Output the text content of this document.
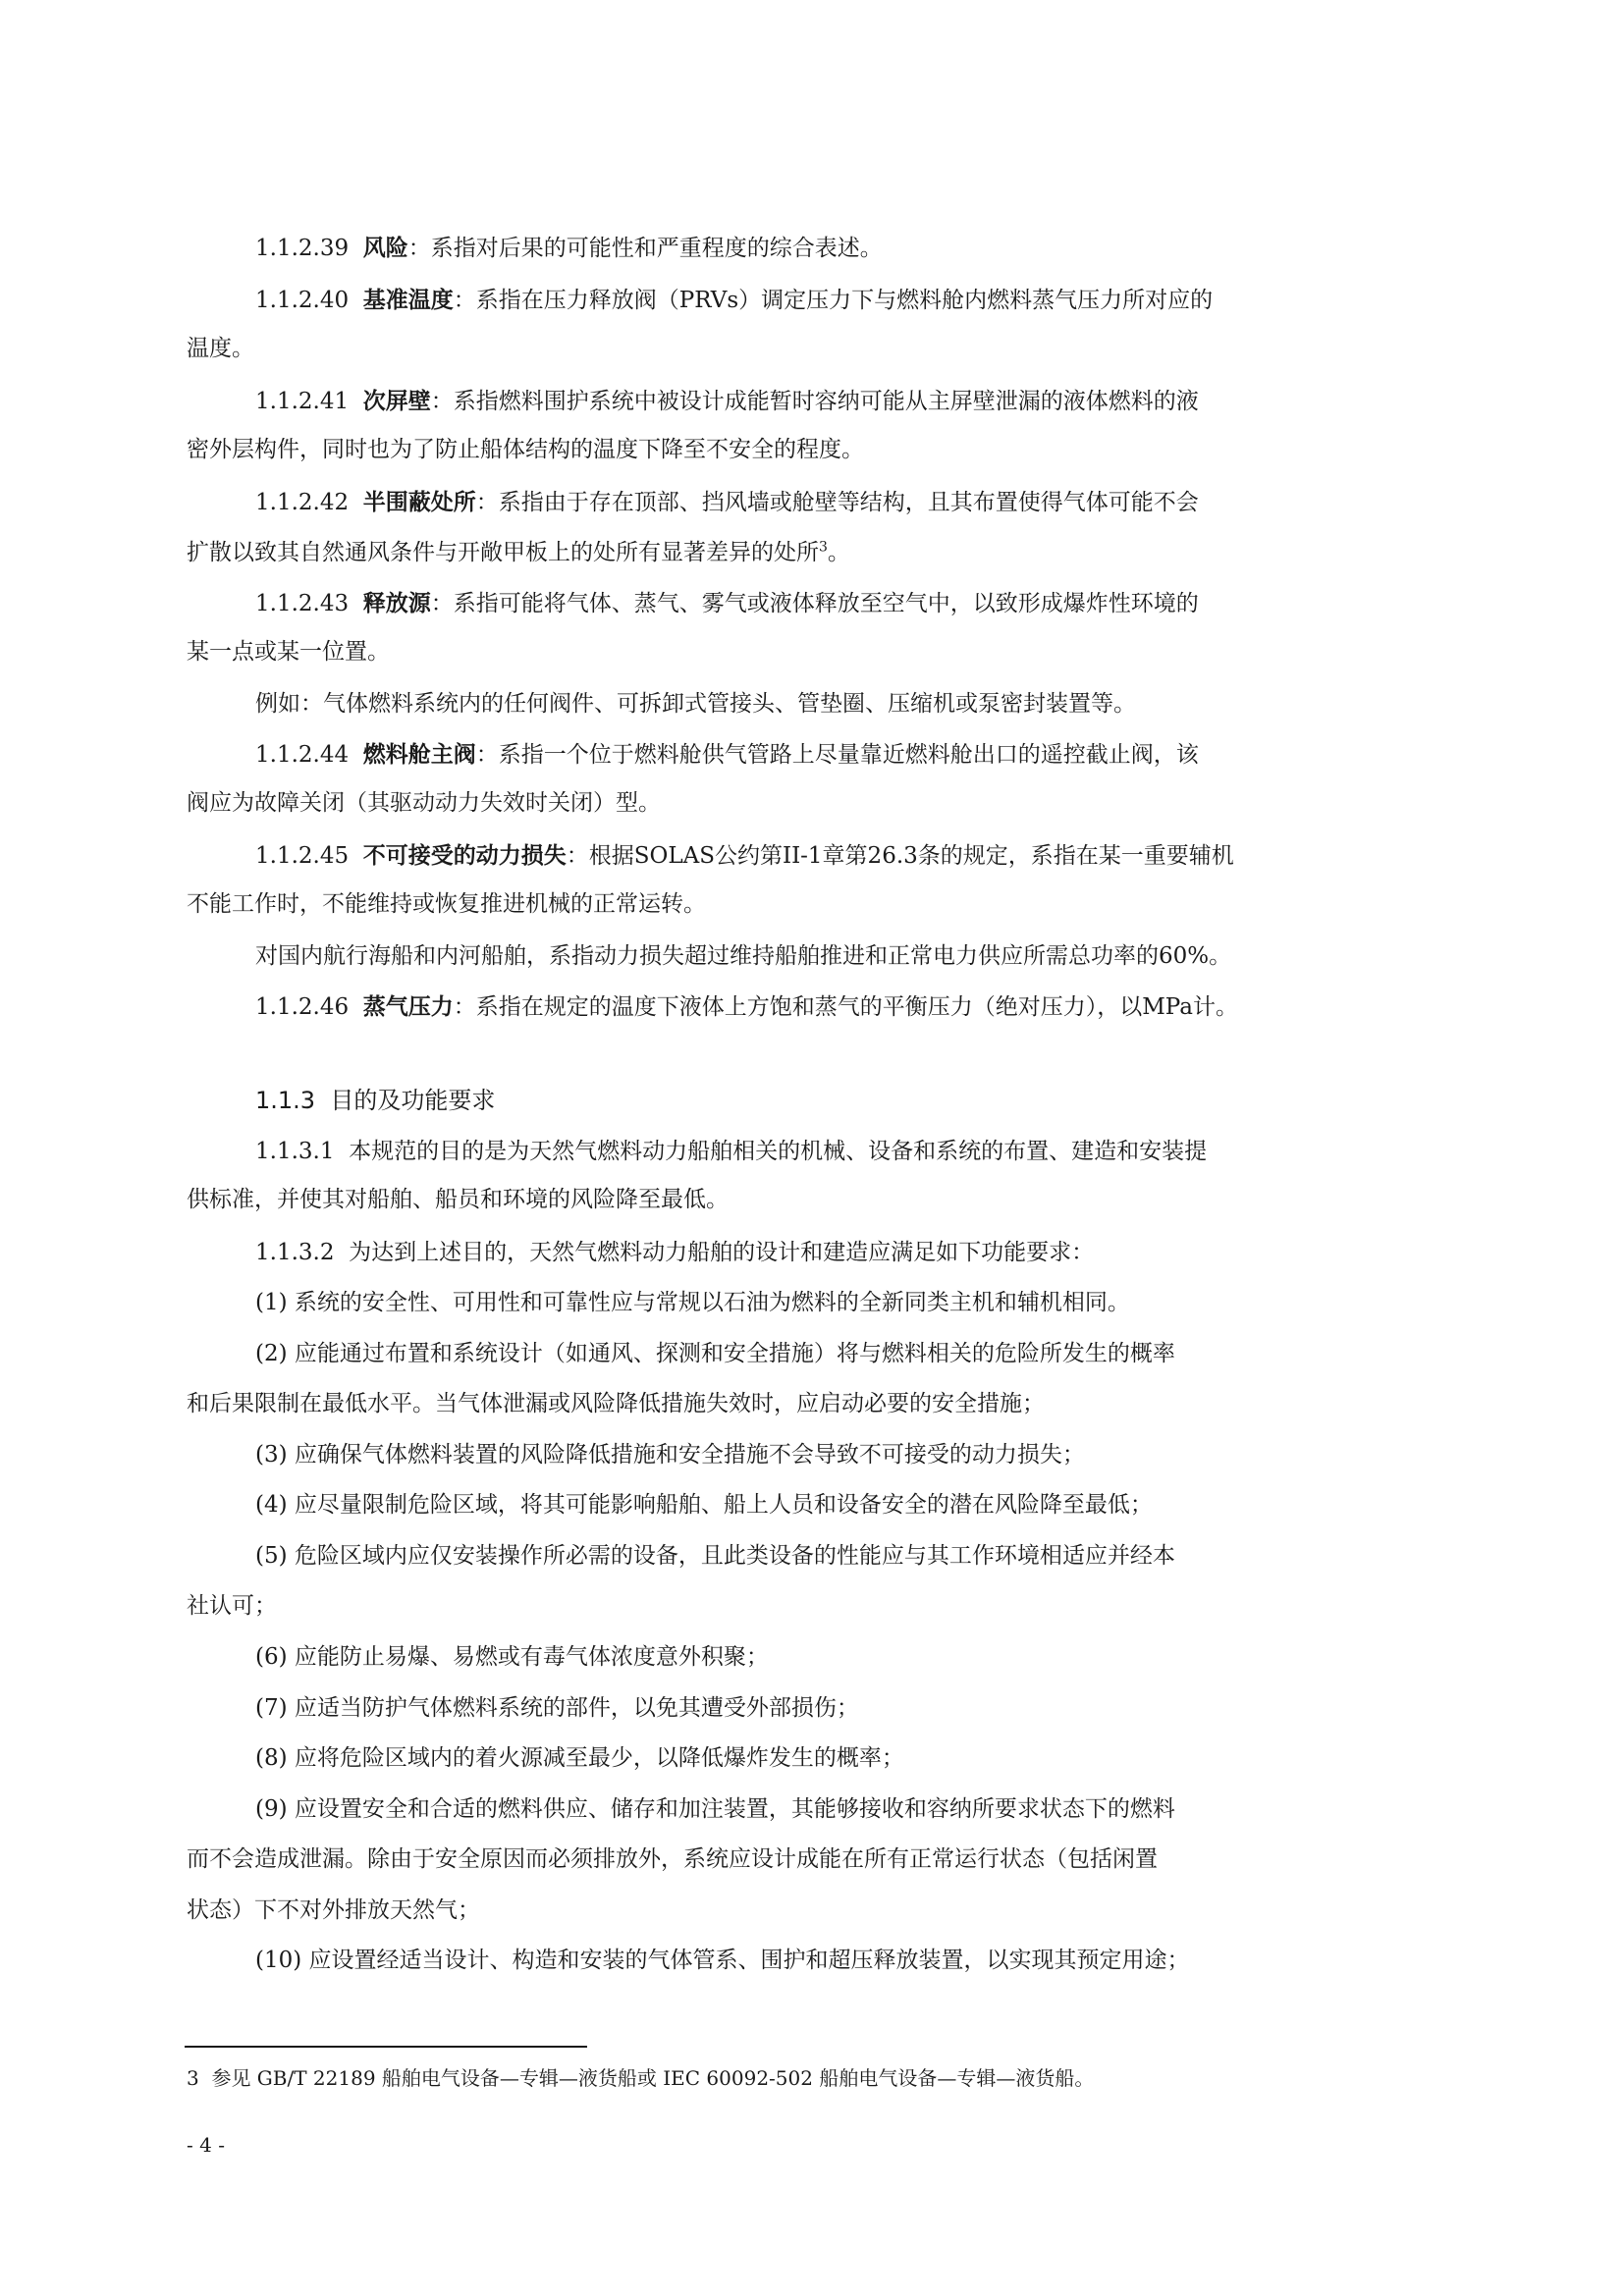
1.1.2.39 风险：系指对后果的可能性和严重程度的综合表述。
1.1.2.40 基准温度：系指在压力释放阀（PRVs）调定压力下与燃料舱内燃料蒸气压力所对应的
温度。
1.1.2.41 次屏壁：系指燃料围护系统中被设计成能暂时容纳可能从主屏壁泄漏的液体燃料的液
密外层构件，同时也为了防止船体结构的温度下降至不安全的程度。
1.1.2.42 半围蔽处所：系指由于存在顶部、挡风墙或舱壁等结构，且其布置使得气体可能不会
扩散以致其自然通风条件与开敞甲板上的处所有显著差异的处所$^3$。
1.1.2.43 释放源：系指可能将气体、蒸气、雾气或液体释放至空气中，以致形成爆炸性环境的
某一点或某一位置。
例如：气体燃料系统内的任何阀件、可拆卸式管接头、管垫圈、压缩机或泵密封装置等。
1.1.2.44 燃料舱主阀：系指一个位于燃料舱供气管路上尽量靠近燃料舱出口的遥控截止阀，该
阀应为故障关闭（其驱动动力失效时关闭）型。
1.1.2.45 不可接受的动力损失：根据SOLAS公约第II-1章第26.3条的规定，系指在某一重要辅机
不能工作时，不能维持或恢复推进机械的正常运转。
对国内航行海船和内河船舶，系指动力损失超过维持船舶推进和正常电力供应所需总功率的60%。
1.1.2.46 蒸气压力：系指在规定的温度下液体上方饱和蒸气的平衡压力（绝对压力），以MPa计。
1.1.3 目的及功能要求
1.1.3.1 本规范的目的是为天然气燃料动力船舶相关的机械、设备和系统的布置、建造和安装提
供标准，并使其对船舶、船员和环境的风险降至最低。
1.1.3.2 为达到上述目的，天然气燃料动力船舶的设计和建造应满足如下功能要求：
(1) 系统的安全性、可用性和可靠性应与常规以石油为燃料的全新同类主机和辅机相同。
(2) 应能通过布置和系统设计（如通风、探测和安全措施）将与燃料相关的危险所发生的概率
和后果限制在最低水平。当气体泄漏或风险降低措施失效时，应启动必要的安全措施；
(3) 应确保气体燃料装置的风险降低措施和安全措施不会导致不可接受的动力损失；
(4) 应尽量限制危险区域，将其可能影响船舶、船上人员和设备安全的潜在风险降至最低；
(5) 危险区域内应仅安装操作所必需的设备，且此类设备的性能应与其工作环境相适应并经本
社认可；
(6) 应能防止易爆、易燃或有毒气体浓度意外积聚；
(7) 应适当防护气体燃料系统的部件，以免其遭受外部损伤；
(8) 应将危险区域内的着火源减至最少，以降低爆炸发生的概率；
(9) 应设置安全和合适的燃料供应、储存和加注装置，其能够接收和容纳所要求状态下的燃料
而不会造成泄漏。除由于安全原因而必须排放外，系统应设计成能在所有正常运行状态（包括闲置
状态）下不对外排放天然气；
(10) 应设置经适当设计、构造和安装的气体管系、围护和超压释放装置，以实现其预定用途；
3 参见 GB/T 22189 船舶电气设备—专辑—液货船或 IEC 60092-502 船舶电气设备—专辑—液货船。
- 4 -
